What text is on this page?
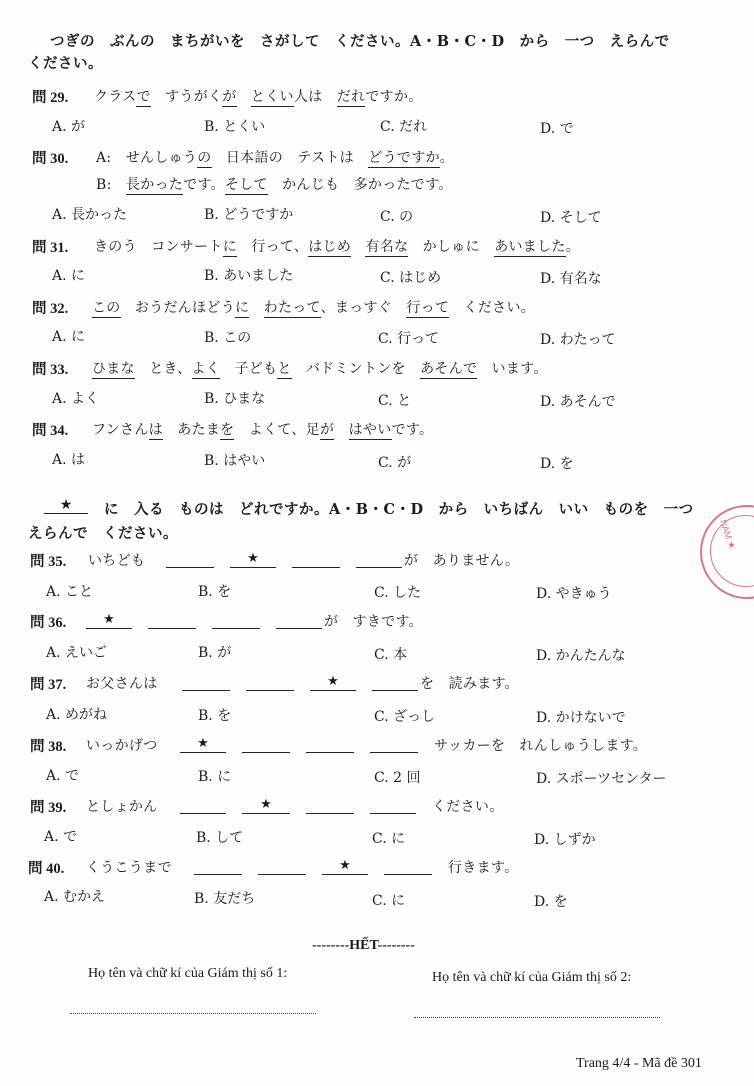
つぎの　ぶんの　まちがいを　さがして　ください。A・B・C・D　から　一つ　えらんで
ください。
問 29. クラスで　すうがくが　 とくい人は　だれですか。
A. が	B. とくい	C. だれ	D. で
問 30. A:　せんしゅうの　日本語の　テストは　どうですか。
B:　長かったです。そして　かんじも　多かったです。
A. 長かった	B. どうですか	C. の	D. そして
問 31. きのう　コンサートに　行って、はじめ　 有名な　かしゅに　あいました。
A. に	B. あいました	C. はじめ	D. 有名な
問 32. この　おうだんほどうに　 わたって、まっすぐ　行って　ください。
A. に	B. この	C. 行って	D. わたって
問 33. ひまな　とき、よく　子どもと　バドミントンを　あそんで　います。
A. よく	B. ひまな	C. と	D. あそんで
問 34. フンさんは　あたまを　よくて、足が　 はやいです。
A. は	B. はやい	C. が	D. を
★	に　入る　ものは　どれですか。A・B・C・D　から　いちばん　いい　ものを　一つ
えらんで　ください。
問 35. いちども	★	が　ありません。
A. こと	B. を	C. した	D. やきゅう
問 36.	★	が　すきです。
A. えいご	B. が	C. 本	D. かんたんな
問 37. お父さんは	★	を　読みます。
A. めがね	B. を	C. ざっし	D. かけないで
問 38. いっかげつ	★	サッカーを　れんしゅうします。
A. で	B. に	C. 2 回	D. スポーツセンター
問 39. としょかん	★	ください。
A. で	B. して	C. に	D. しずか
問 40. くうこうまで	★	行きます。
A. むかえ	B. 友だち	C. に	D. を
--------HẾT--------
Họ tên và chữ kí của Giám thị số 1:	Họ tên và chữ kí của Giám thị số 2:
Trang 4/4 - Mã đề 301
NAM ★
